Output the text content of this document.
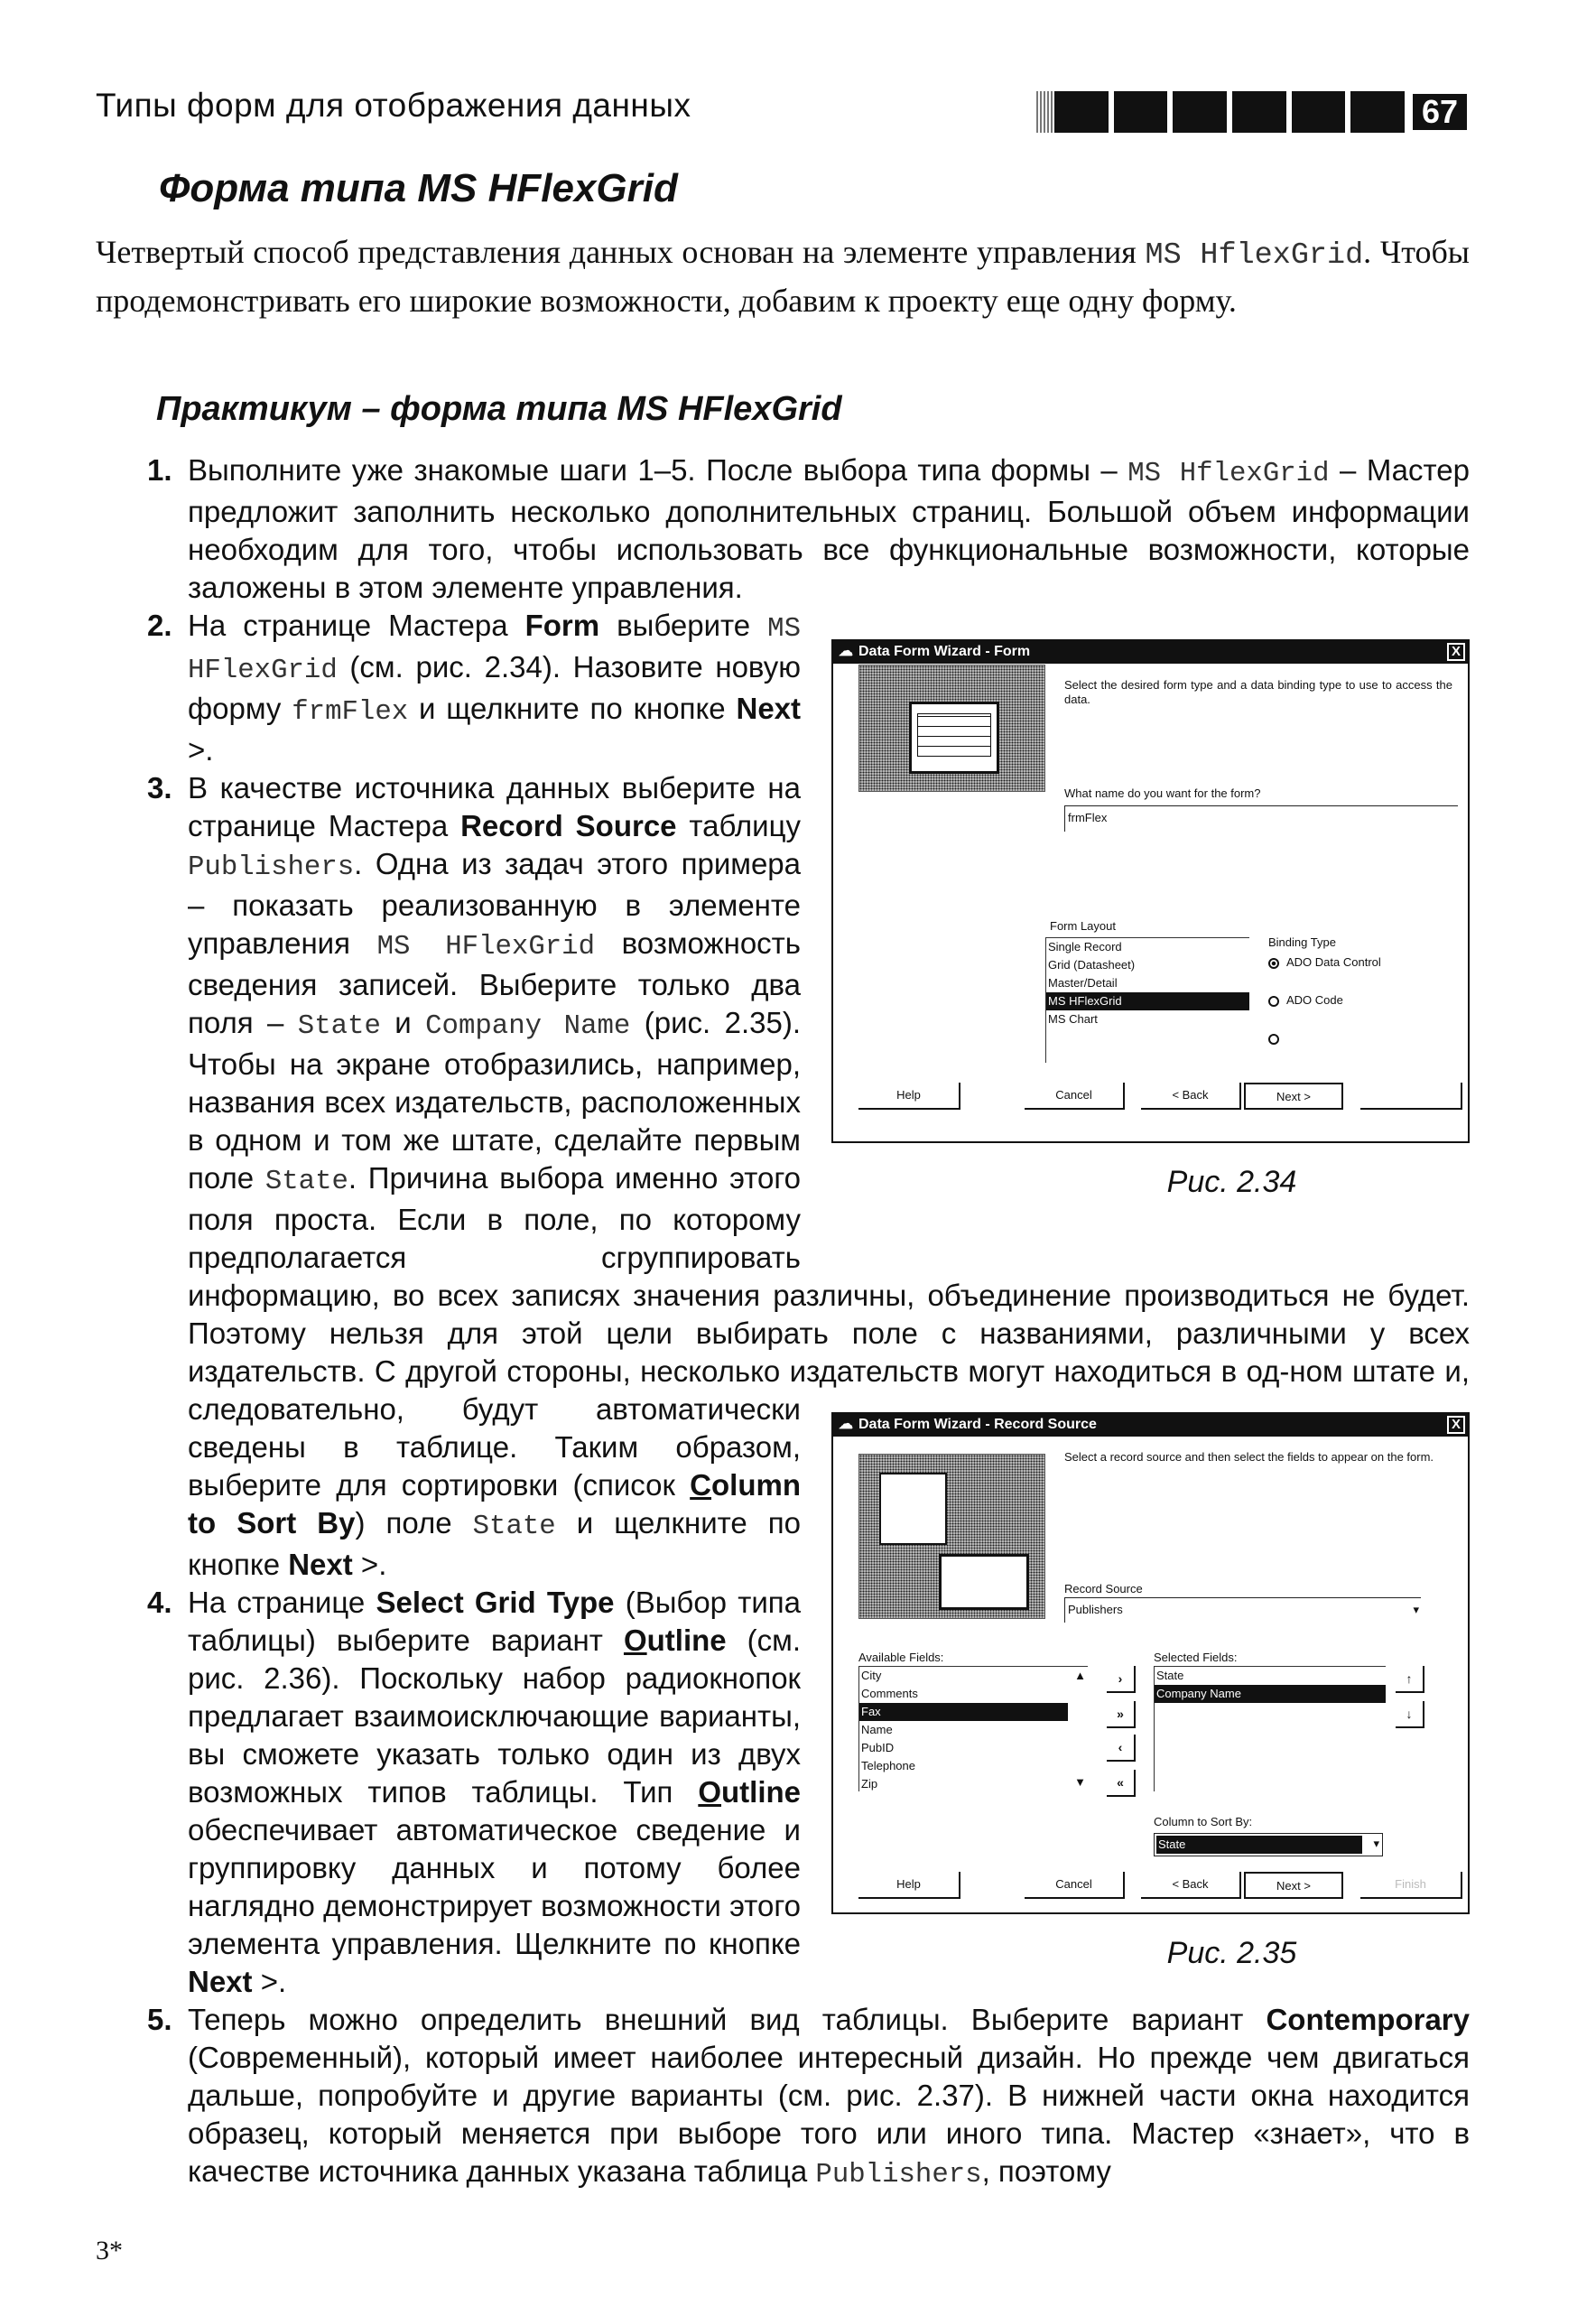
Типы форм для отображения данных	67
Форма типа MS HFlexGrid
Четвертый способ представления данных основан на элементе управления MS HflexGrid. Чтобы продемонстривать его широкие возможности, добавим к проекту еще одну форму.
Практикум – форма типа MS HFlexGrid
1. Выполните уже знакомые шаги 1–5. После выбора типа формы – MS HflexGrid – Мастер предложит заполнить несколько дополнительных страниц. Большой объем информации необходим для того, чтобы использовать все функциональные возможности, которые заложены в этом элементе управления.
2.
☁ Data Form Wizard - Form	X
Select the desired form type and a data binding type to use to access the data.
What name do you want for the form?
frmFlex
Form Layout
Single Record
Grid (Datasheet)
Master/Detail
MS HFlexGrid
MS Chart
Binding Type
ADO Data Control
ADO Code
Help	Cancel	< Back	Next >
Рис. 2.34
На странице Мастера Form выберите MS HFlexGrid (см. рис. 2.34). Назовите новую форму frmFlex и щелкните по кнопке Next >.
3. В качестве источника данных выберите на странице Мастера Record Source таблицу Publishers. Одна из задач этого примера – показать реализованную в элементе управления MS HFlexGrid возможность сведения записей. Выберите только два поля – State и Company Name (рис. 2.35). Чтобы на экране отобразились, например, названия всех издательств, расположенных в одном и том же штате, сделайте первым поле State. Причина выбора именно этого поля проста. Если в поле, по которому предполагается сгруппировать информацию, во всех записях значения различны, объединение производиться не будет. Поэтому нельзя для этой цели выбирать поле с названиями, различными у всех издательств. С другой стороны, несколько издательств могут находиться в од-
☁ Data Form Wizard - Record Source	X
Select a record source and then select the fields to appear on the form.
Record Source
Publishers	▾
Available Fields:
City
Comments
Fax
Name
PubID
Telephone
Zip
▲
▼
›
»
‹
«
Selected Fields:
State
Company Name
↑
↓
Column to Sort By:
State	▾
Help	Cancel	< Back	Next >	Finish
Рис. 2.35
ном штате и, следовательно, будут автоматически сведены в таблице. Таким образом, выберите для сортировки (список Column to Sort By) поле State и щелкните по кнопке Next >.
4. На странице Select Grid Type (Выбор типа таблицы) выберите вариант Outline (см. рис. 2.36). Поскольку набор радиокнопок предлагает взаимоисключающие варианты, вы сможете указать только один из двух возможных типов таблицы. Тип Outline обеспечивает автоматическое сведение и группировку данных и потому более наглядно демонстрирует возможности этого элемента управления. Щелкните по кнопке Next >.
5. Теперь можно определить внешний вид таблицы. Выберите вариант Contemporary (Современный), который имеет наиболее интересный дизайн. Но прежде чем двигаться дальше, попробуйте и другие варианты (см. рис. 2.37). В нижней части окна находится образец, который меняется при выборе того или иного типа. Мастер «знает», что в качестве источника данных указана таблица Publishers, поэтому
3*
